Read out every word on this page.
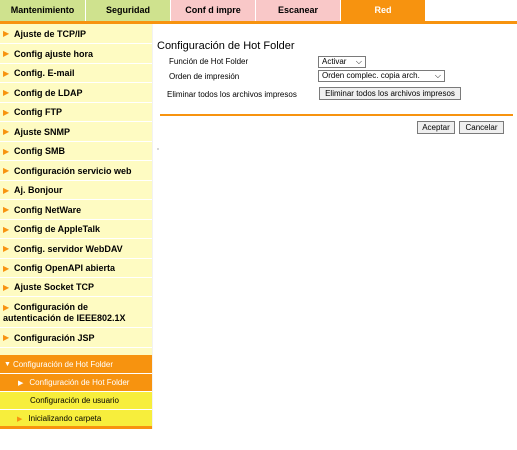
Mantenimiento	Seguridad	Conf d impre	Escanear	Red
▶ Ajuste de TCP/IP
▶ Config ajuste hora
▶ Config. E-mail
▶ Config de LDAP
▶ Config FTP
▶ Ajuste SNMP
▶ Config SMB
▶ Configuración servicio web
▶ Aj. Bonjour
▶ Config NetWare
▶ Config de AppleTalk
▶ Config. servidor WebDAV
▶ Config OpenAPI abierta
▶ Ajuste Socket TCP
▶ Configuración de autenticación de IEEE802.1X
▶ Configuración JSP
▼ Configuración de Hot Folder
▶ Configuración de Hot Folder
Configuración de usuario
▶ Inicializando carpeta
Configuración de Hot Folder
Función de Hot Folder	Activar ⌵
Orden de impresión	Orden complec. copia arch. ⌵
Eliminar todos los archivos impresos	Eliminar todos los archivos impresos
Aceptar	Cancelar
